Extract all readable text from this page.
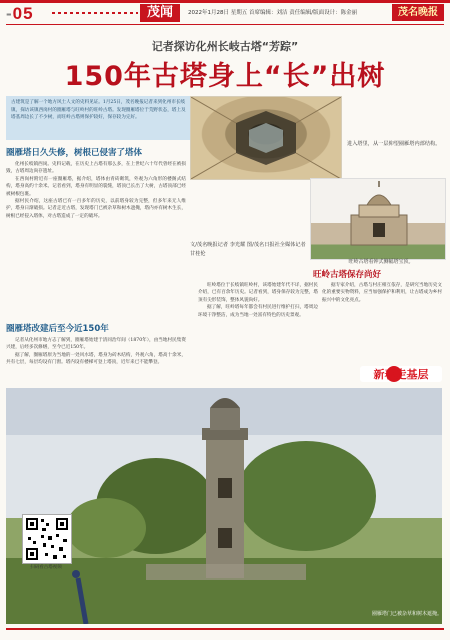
-05	茂闻	2022年1月28日 星期五 首席编辑：刘洁 责任编辑/版面设计：陈金丽	茂名晚报
记者探访化州长岐古塔“芳踪”
150年古塔身上“长”出树
古建筑是了解一个地方风土人文的史料见证。1月25日，茂名晚报记者来到化州市长岐镇，探访该镇西岗村的圈雁塔与旺岭村的旺岭古塔。发现圈雁塔位于荒野状态，塔上及塔基周边长了不少树，而旺岭古塔则保护较好，保存较为完好。
圈雁塔日久失修，树根已侵害了塔体
化州长岐镇西岗。史料记载，在历史上古塔有那么多，在上世纪六十年代曾经在被损毁，古塔周边尚存遗址。
在西岗村附近有一座圈雁塔，据介绍，塔体由青砖砌筑，外观为六角形的楼阁式结构，塔身高约十余米。记者看到，塔身有明显的裂缝，塔顶已长出了大树，古塔顶部已经被树根包裹。
据村民介绍，这座古塔已有一百多年的历史，以前塔身较为完整，但多年来无人维护，塔身日渐破损。记者走近古塔，发现塔门已被杂草和树木遮掩，塔内亦有树木生长，树根已经侵入塔体，对古塔造成了一定的破坏。
圈雁塔改建后至今近150年
记者从化州市地方志了解到，圈雁塔始建于清同治年间（1870年），由当地村民集资兴建，后经多次修缮，至今已近150年。
据了解，圈雁塔原为当地的一处风水塔，塔身为砖木结构，外观六角，塔高十余米，共有七层，每层均设有门窗。塔内设有楼梯可登上塔顶，近年来已不能攀登。
旺岭古塔保存尚好
旺岭塔位于长岐镇旺岭村，该塔始建年代不详，据村民介绍，已有百余年历史。记者看到，塔身保存较为完整，塔顶有尖形装饰，整体风貌尚好。
据了解，旺岭塔每年都会有村民进行维护打扫，塔周边环境干净整洁，成为当地一处富有特色的历史景观。
据专家介绍，古塔与村庄相互依存，是研究当地历史文化的重要实物资料，应当加强保护和利用，让古塔成为乡村振兴中的文化亮点。
进入塔里，从一层仰望圈雁塔内部结构。
旺岭古塔看钟式侧幅塔宝顶。
文/茂名晚报记者 李光耀 图/茂名日报社全媒体记者 甘桂伦
新春走基层
扫码看古塔视频
圈雁塔门已被杂草和树木遮掩。
